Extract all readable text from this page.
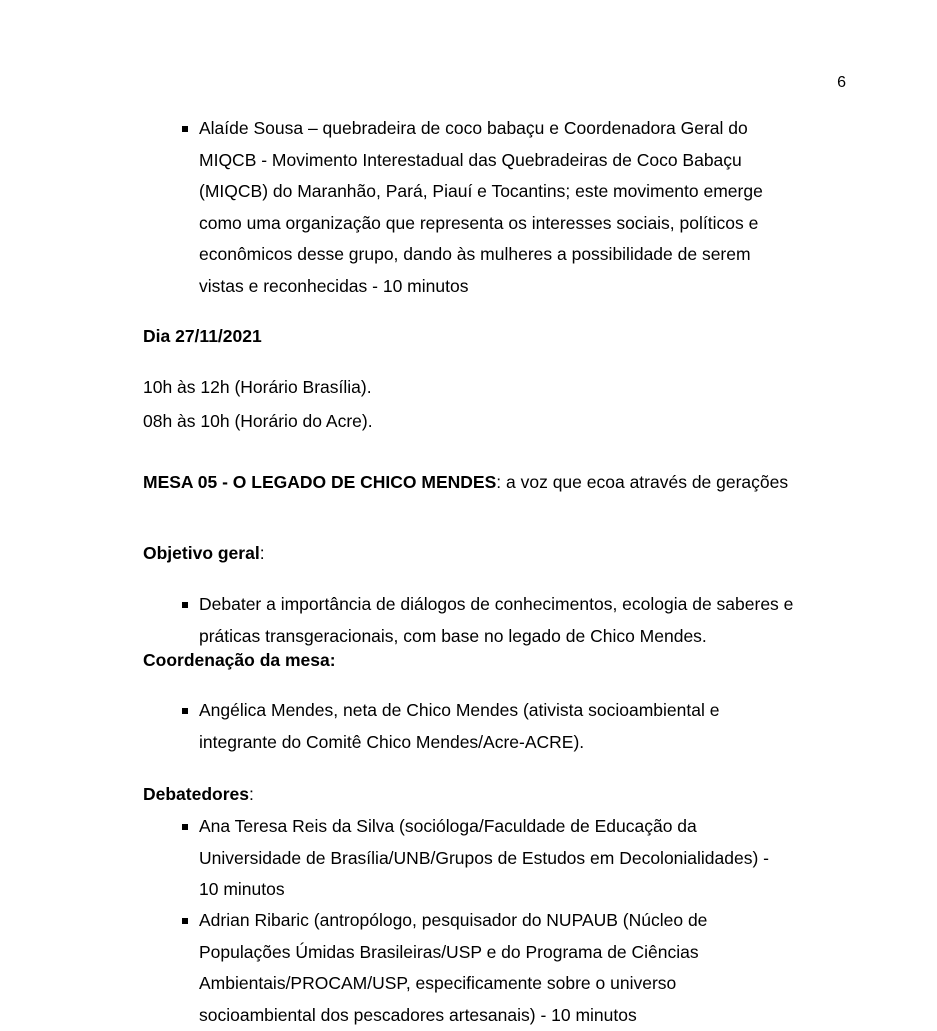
6
Alaíde Sousa – quebradeira de coco babaçu e Coordenadora Geral do
MIQCB - Movimento Interestadual das Quebradeiras de Coco Babaçu
(MIQCB) do Maranhão, Pará, Piauí e Tocantins; este movimento emerge
como uma organização que representa os interesses sociais, políticos e
econômicos desse grupo, dando às mulheres a possibilidade de serem
vistas e reconhecidas - 10 minutos
Dia 27/11/2021
10h às 12h (Horário Brasília).
08h às 10h (Horário do Acre).
MESA 05 - O LEGADO DE CHICO MENDES: a voz que ecoa através de gerações
Objetivo geral:
Debater a importância de diálogos de conhecimentos, ecologia de saberes e
práticas transgeracionais, com base no legado de Chico Mendes.
Coordenação da mesa:
Angélica Mendes, neta de Chico Mendes (ativista socioambiental e
integrante do Comitê Chico Mendes/Acre-ACRE).
Debatedores:
Ana Teresa Reis da Silva (socióloga/Faculdade de Educação da
Universidade de Brasília/UNB/Grupos de Estudos em Decolonialidades) -
10 minutos
Adrian Ribaric (antropólogo, pesquisador do NUPAUB (Núcleo de
Populações Úmidas Brasileiras/USP e do Programa de Ciências
Ambientais/PROCAM/USP, especificamente sobre o universo
socioambiental dos pescadores artesanais) - 10 minutos
